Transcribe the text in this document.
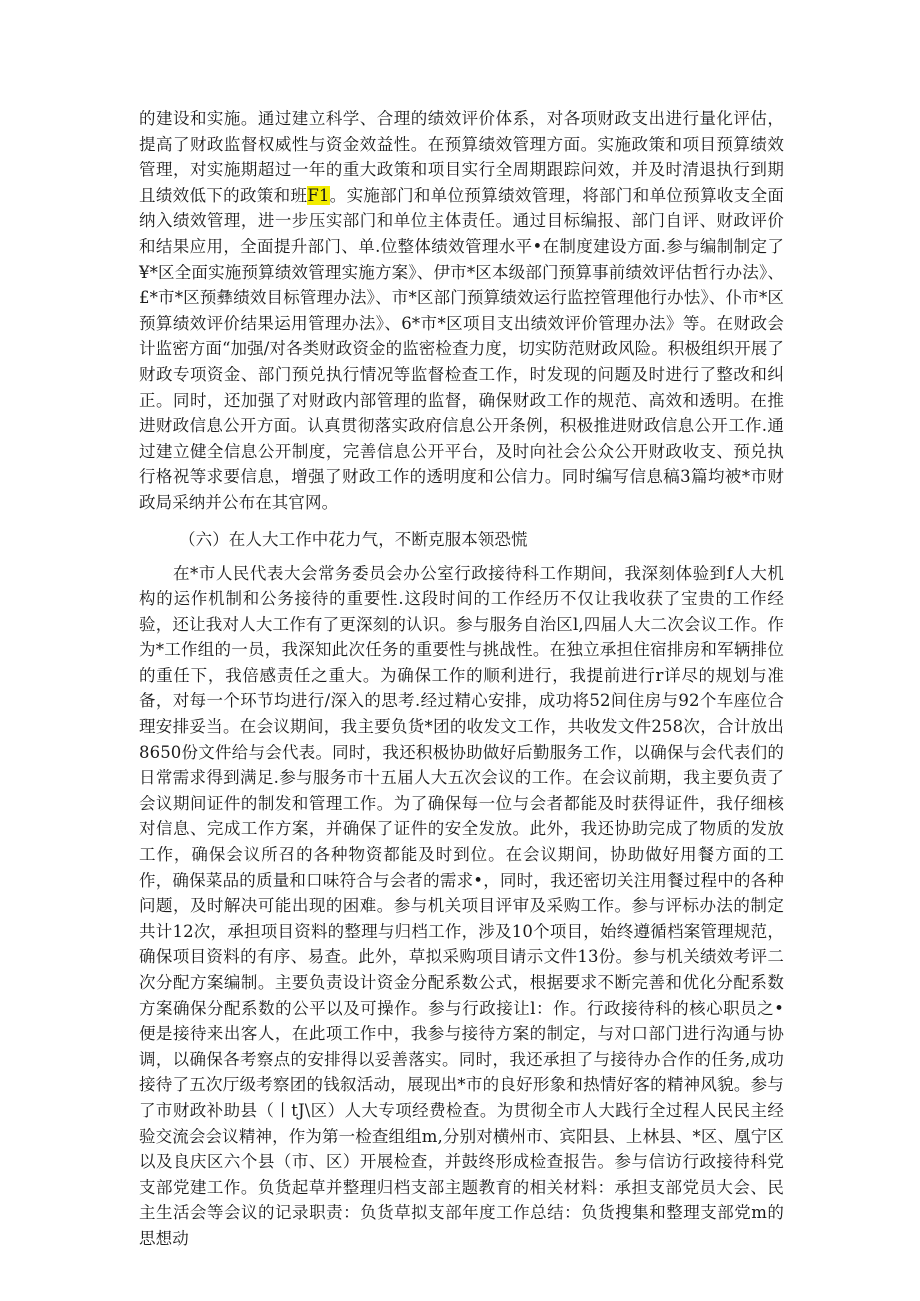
的建设和实施。通过建立科学、合理的绩效评价体系，对各项财政支出进行量化评估，提高了财政监督权威性与资金效益性。在预算绩效管理方面。实施政策和项目预算绩效管理，对实施期超过一年的重大政策和项目实行全周期跟踪问效，并及时清退执行到期且绩效低下的政策和班F1。实施部门和单位预算绩效管理，将部门和单位预算收支全面纳入绩效管理，进一步压实部门和单位主体责任。通过目标编报、部门自评、财政评价和结果应用，全面提升部门、单.位整体绩效管理水平•在制度建设方面.参与编制制定了¥*区全面实施预算绩效管理实施方案》、伊市*区本级部门预算事前绩效评估哲行办法》、£*市*区预彝绩效目标管理办法》、市*区部门预算绩效运行监控管理他行办怯》、仆市*区预算绩效评价结果运用管理办法》、6*市*区项目支出绩效评价管理办法》等。在财政会计监密方面“加强/对各类财政资金的监密检查力度，切实防范财政风险。积极组织开展了财政专项资金、部门预兑执行情况等监督检查工作，时发现的问题及时进行了整改和纠正。同时，还加强了对财政内部管理的监督，确保财政工作的规范、高效和透明。在推进财政信息公开方面。认真贯彻落实政府信息公开条例，积极推进财政信息公开工作.通过建立健全信息公开制度，完善信息公开平台，及时向社会公众公开财政收支、预兑执行格祝等求要信息，增强了财政工作的透明度和公信力。同时编写信息稿3篇均被*市财政局采纳并公布在其官网。

（六）在人大工作中花力气，不断克服本领恐慌

在*市人民代表大会常务委员会办公室行政接待科工作期间，我深刻体验到f人大机构的运作机制和公务接待的重要性.这段时间的工作经历不仅让我收获了宝贵的工作经验，还让我对人大工作有了更深刻的认识。参与服务自治区l,四届人大二次会议工作。作为*工作组的一员，我深知此次任务的重要性与挑战性。在独立承担住宿排房和军辆排位的重任下，我倍感责任之重大。为确保工作的顺利进行，我提前进行r详尽的规划与准备，对每一个环节均进行/深入的思考.经过精心安排，成功将52间住房与92个车座位合理安排妥当。在会议期间，我主要负货*团的收发文工作，共收发文件258次，合计放出8650份文件给与会代表。同时，我还积极协助做好后勤服务工作，以确保与会代表们的日常需求得到满足.参与服务市十五届人大五次会议的工作。在会议前期，我主要负责了会议期间证件的制发和管理工作。为了确保每一位与会者都能及时获得证件，我仔细核对信息、完成工作方案，并确保了证件的安全发放。此外，我还协助完成了物质的发放工作，确保会议所召的各种物资都能及时到位。在会议期间，协助做好用餐方面的工作，确保菜品的质量和口味符合与会者的需求•，同时，我还密切关注用餐过程中的各种问题，及时解决可能出现的困难。参与机关项目评审及采购工作。参与评标办法的制定共计12次，承担项目资料的整理与归档工作，涉及10个项目，始终遵循档案管理规范，确保项目资料的有序、易查。此外，草拟采购项目请示文件13份。参与机关绩效考评二次分配方案编制。主要负责设计资金分配系数公式，根据要求不断完善和优化分配系数方案确保分配系数的公平以及可操作。参与行政接让l：作。行政接待科的核心职员之•便是接待来出客人，在此项工作中，我参与接待方案的制定，与对口部门进行沟通与协调，以确保各考察点的安排得以妥善落实。同时，我还承担了与接待办合作的任务,成功接待了五次厅级考察团的钱叙活动，展现出*市的良好形象和热情好客的精神风貌。参与了市财政补助县（丨tJ\区）人大专项经费检查。为贯彻全市人大践行全过程人民民主经验交流会会议精神，作为第一检查组组m,分别对横州市、宾阳县、上林县、*区、凰宁区以及良庆区六个县（市、区）开展检查，并鼓终形成检查报告。参与信访行政接待科党支部党建工作。负货起草并整理归档支部主题教育的相关材料：承担支部党员大会、民主生活会等会议的记录职责：负货草拟支部年度工作总结：负货搜集和整理支部党m的思想动
